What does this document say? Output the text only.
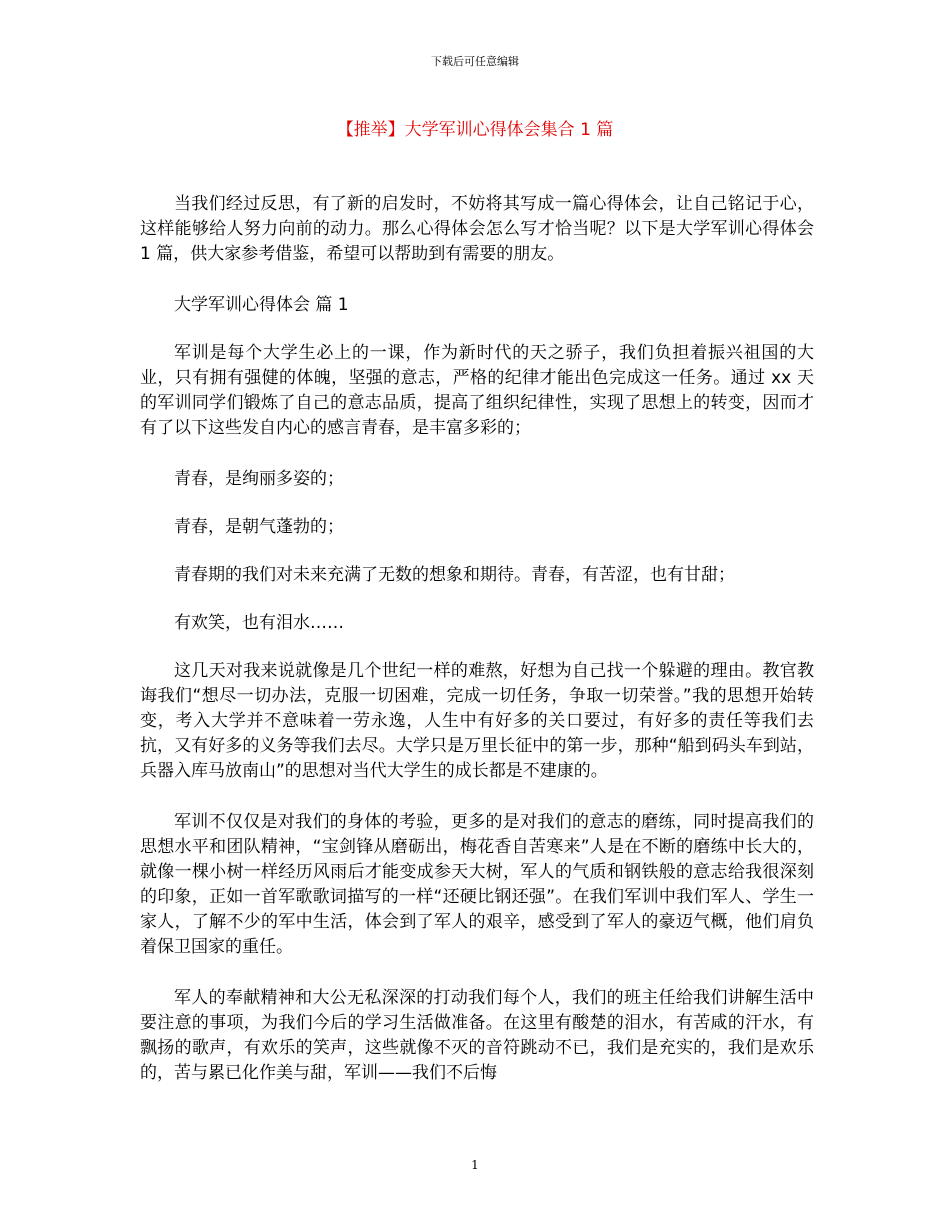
下载后可任意编辑
【推举】大学军训心得体会集合 1 篇

当我们经过反思，有了新的启发时，不妨将其写成一篇心得体会，让自己铭记于心，这样能够给人努力向前的动力。那么心得体会怎么写才恰当呢？以下是大学军训心得体会 1 篇，供大家参考借鉴，希望可以帮助到有需要的朋友。

大学军训心得体会 篇 1

军训是每个大学生必上的一课，作为新时代的天之骄子，我们负担着振兴祖国的大业，只有拥有强健的体魄，坚强的意志，严格的纪律才能出色完成这一任务。通过 xx 天的军训同学们锻炼了自己的意志品质，提高了组织纪律性，实现了思想上的转变，因而才有了以下这些发自内心的感言青春，是丰富多彩的；

青春，是绚丽多姿的；

青春，是朝气蓬勃的；

青春期的我们对未来充满了无数的想象和期待。青春，有苦涩，也有甘甜；

有欢笑，也有泪水……

这几天对我来说就像是几个世纪一样的难熬，好想为自己找一个躲避的理由。教官教诲我们“想尽一切办法，克服一切困难，完成一切任务，争取一切荣誉。”我的思想开始转变，考入大学并不意味着一劳永逸，人生中有好多的关口要过，有好多的责任等我们去抗，又有好多的义务等我们去尽。大学只是万里长征中的第一步，那种“船到码头车到站，兵器入库马放南山”的思想对当代大学生的成长都是不建康的。

军训不仅仅是对我们的身体的考验，更多的是对我们的意志的磨练，同时提高我们的思想水平和团队精神，“宝剑锋从磨砺出，梅花香自苦寒来”人是在不断的磨练中长大的，就像一棵小树一样经历风雨后才能变成参天大树，军人的气质和钢铁般的意志给我很深刻的印象，正如一首军歌歌词描写的一样“还硬比钢还强”。在我们军训中我们军人、学生一家人，了解不少的军中生活，体会到了军人的艰辛，感受到了军人的豪迈气概，他们肩负着保卫国家的重任。

军人的奉献精神和大公无私深深的打动我们每个人，我们的班主任给我们讲解生活中要注意的事项，为我们今后的学习生活做准备。在这里有酸楚的泪水，有苦咸的汗水，有飘扬的歌声，有欢乐的笑声，这些就像不灭的音符跳动不已，我们是充实的，我们是欢乐的，苦与累已化作美与甜，军训——我们不后悔

1
